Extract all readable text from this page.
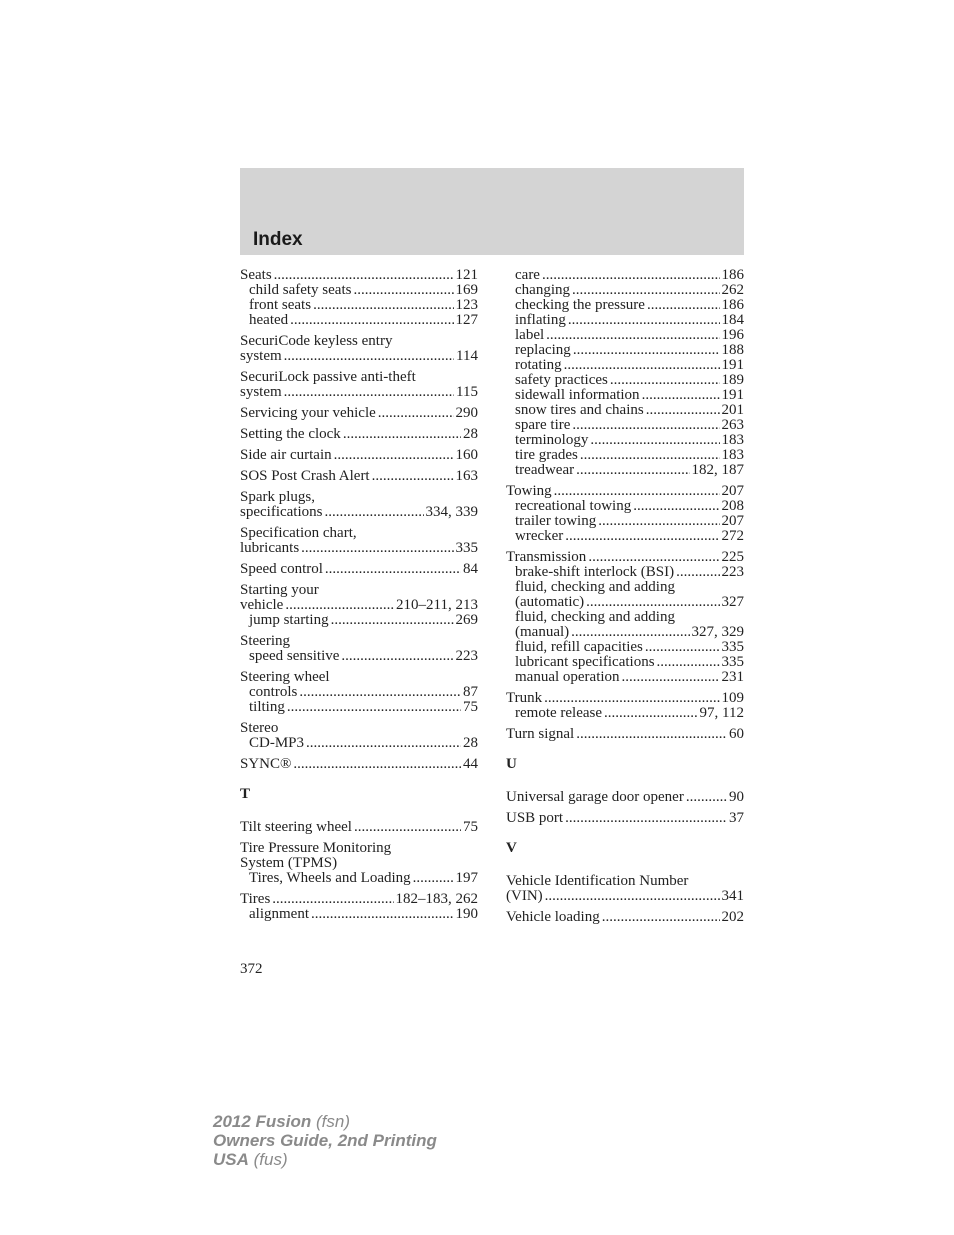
Index
Seats .....	121
child safety seats .....	169
front seats .....	123
heated .....	127
SecuriCode keyless entry
system .....	114
SecuriLock passive anti-theft
system .....	115
Servicing your vehicle .....	290
Setting the clock .....	28
Side air curtain .....	160
SOS Post Crash Alert .....	163
Spark plugs,
specifications .....	334, 339
Specification chart,
lubricants .....	335
Speed control .....	84
Starting your
vehicle .....	210–211, 213
jump starting .....	269
Steering
speed sensitive .....	223
Steering wheel
controls .....	87
tilting .....	75
Stereo
CD-MP3 .....	28
SYNC® .....	44
T
Tilt steering wheel .....	75
Tire Pressure Monitoring
System (TPMS)
Tires, Wheels and Loading .....	197
Tires .....	182–183, 262
alignment .....	190
care .....	186
changing .....	262
checking the pressure .....	186
inflating .....	184
label .....	196
replacing .....	188
rotating .....	191
safety practices .....	189
sidewall information .....	191
snow tires and chains .....	201
spare tire .....	263
terminology .....	183
tire grades .....	183
treadwear .....	182, 187
Towing .....	207
recreational towing .....	208
trailer towing .....	207
wrecker .....	272
Transmission .....	225
brake-shift interlock (BSI) .....	223
fluid, checking and adding
(automatic) .....	327
fluid, checking and adding
(manual) .....	327, 329
fluid, refill capacities .....	335
lubricant specifications .....	335
manual operation .....	231
Trunk .....	109
remote release .....	97, 112
Turn signal .....	60
U
Universal garage door opener .....	90
USB port .....	37
V
Vehicle Identification Number
(VIN) .....	341
Vehicle loading .....	202
372
2012 Fusion (fsn)
Owners Guide, 2nd Printing
USA (fus)
